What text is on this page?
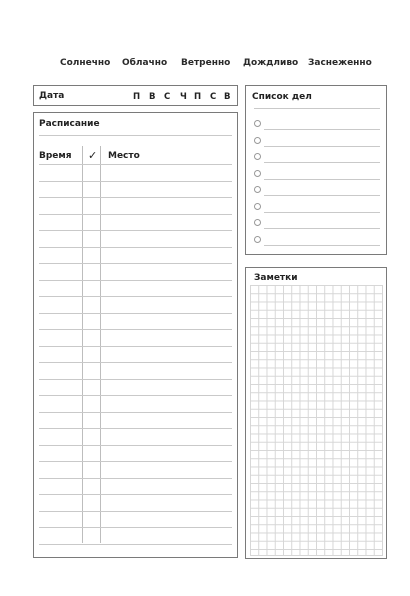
Солнечно Облачно Ветренно Дождливо Заснеженно
Дата	П В С Ч П С В
Расписание
Время ✓ Место
Список дел
Заметки
